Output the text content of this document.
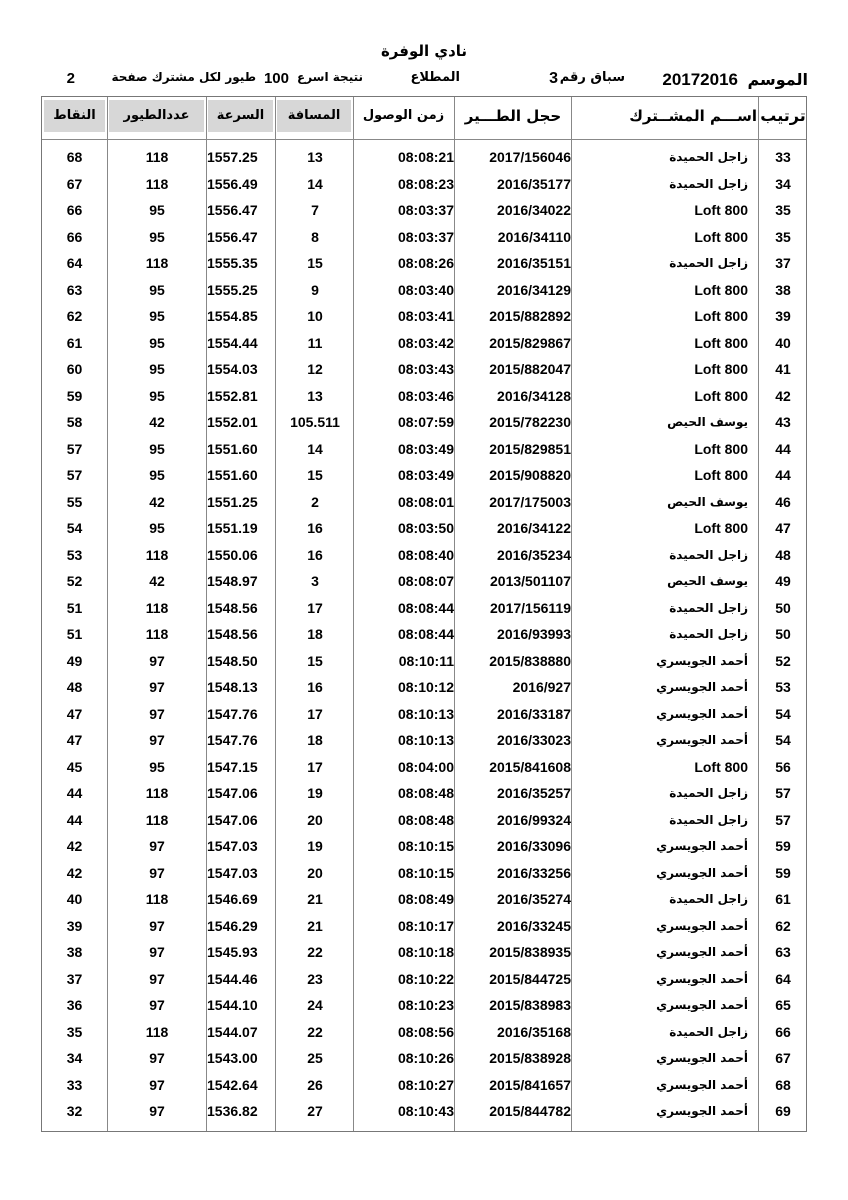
نادي الوفرة
الموسم
20172016
سباق رقم
3
المطلاع
نتيجة اسرع
100
طيور لكل مشترك صفحة
2
ترتيب
اســـم المشــترك
حجل الطـــير
زمن الوصول
المسافة
السرعة
عددالطيور
النقاط
33
زاجل الحميدة
2017/156046
08:08:21
13
1557.25
118
68
34
زاجل الحميدة
2016/35177
08:08:23
14
1556.49
118
67
35
Loft 800
2016/34022
08:03:37
7
1556.47
95
66
35
Loft 800
2016/34110
08:03:37
8
1556.47
95
66
37
زاجل الحميدة
2016/35151
08:08:26
15
1555.35
118
64
38
Loft 800
2016/34129
08:03:40
9
1555.25
95
63
39
Loft 800
2015/882892
08:03:41
10
1554.85
95
62
40
Loft 800
2015/829867
08:03:42
11
1554.44
95
61
41
Loft 800
2015/882047
08:03:43
12
1554.03
95
60
42
Loft 800
2016/34128
08:03:46
13
1552.81
95
59
43
يوسف الحيص
2015/782230
08:07:59
105.511
1552.01
42
58
44
Loft 800
2015/829851
08:03:49
14
1551.60
95
57
44
Loft 800
2015/908820
08:03:49
15
1551.60
95
57
46
يوسف الحيص
2017/175003
08:08:01
2
1551.25
42
55
47
Loft 800
2016/34122
08:03:50
16
1551.19
95
54
48
زاجل الحميدة
2016/35234
08:08:40
16
1550.06
118
53
49
يوسف الحيص
2013/501107
08:08:07
3
1548.97
42
52
50
زاجل الحميدة
2017/156119
08:08:44
17
1548.56
118
51
50
زاجل الحميدة
2016/93993
08:08:44
18
1548.56
118
51
52
أحمد الجويسري
2015/838880
08:10:11
15
1548.50
97
49
53
أحمد الجويسري
2016/927
08:10:12
16
1548.13
97
48
54
أحمد الجويسري
2016/33187
08:10:13
17
1547.76
97
47
54
أحمد الجويسري
2016/33023
08:10:13
18
1547.76
97
47
56
Loft 800
2015/841608
08:04:00
17
1547.15
95
45
57
زاجل الحميدة
2016/35257
08:08:48
19
1547.06
118
44
57
زاجل الحميدة
2016/99324
08:08:48
20
1547.06
118
44
59
أحمد الجويسري
2016/33096
08:10:15
19
1547.03
97
42
59
أحمد الجويسري
2016/33256
08:10:15
20
1547.03
97
42
61
زاجل الحميدة
2016/35274
08:08:49
21
1546.69
118
40
62
أحمد الجويسري
2016/33245
08:10:17
21
1546.29
97
39
63
أحمد الجويسري
2015/838935
08:10:18
22
1545.93
97
38
64
أحمد الجويسري
2015/844725
08:10:22
23
1544.46
97
37
65
أحمد الجويسري
2015/838983
08:10:23
24
1544.10
97
36
66
زاجل الحميدة
2016/35168
08:08:56
22
1544.07
118
35
67
أحمد الجويسري
2015/838928
08:10:26
25
1543.00
97
34
68
أحمد الجويسري
2015/841657
08:10:27
26
1542.64
97
33
69
أحمد الجويسري
2015/844782
08:10:43
27
1536.82
97
32
